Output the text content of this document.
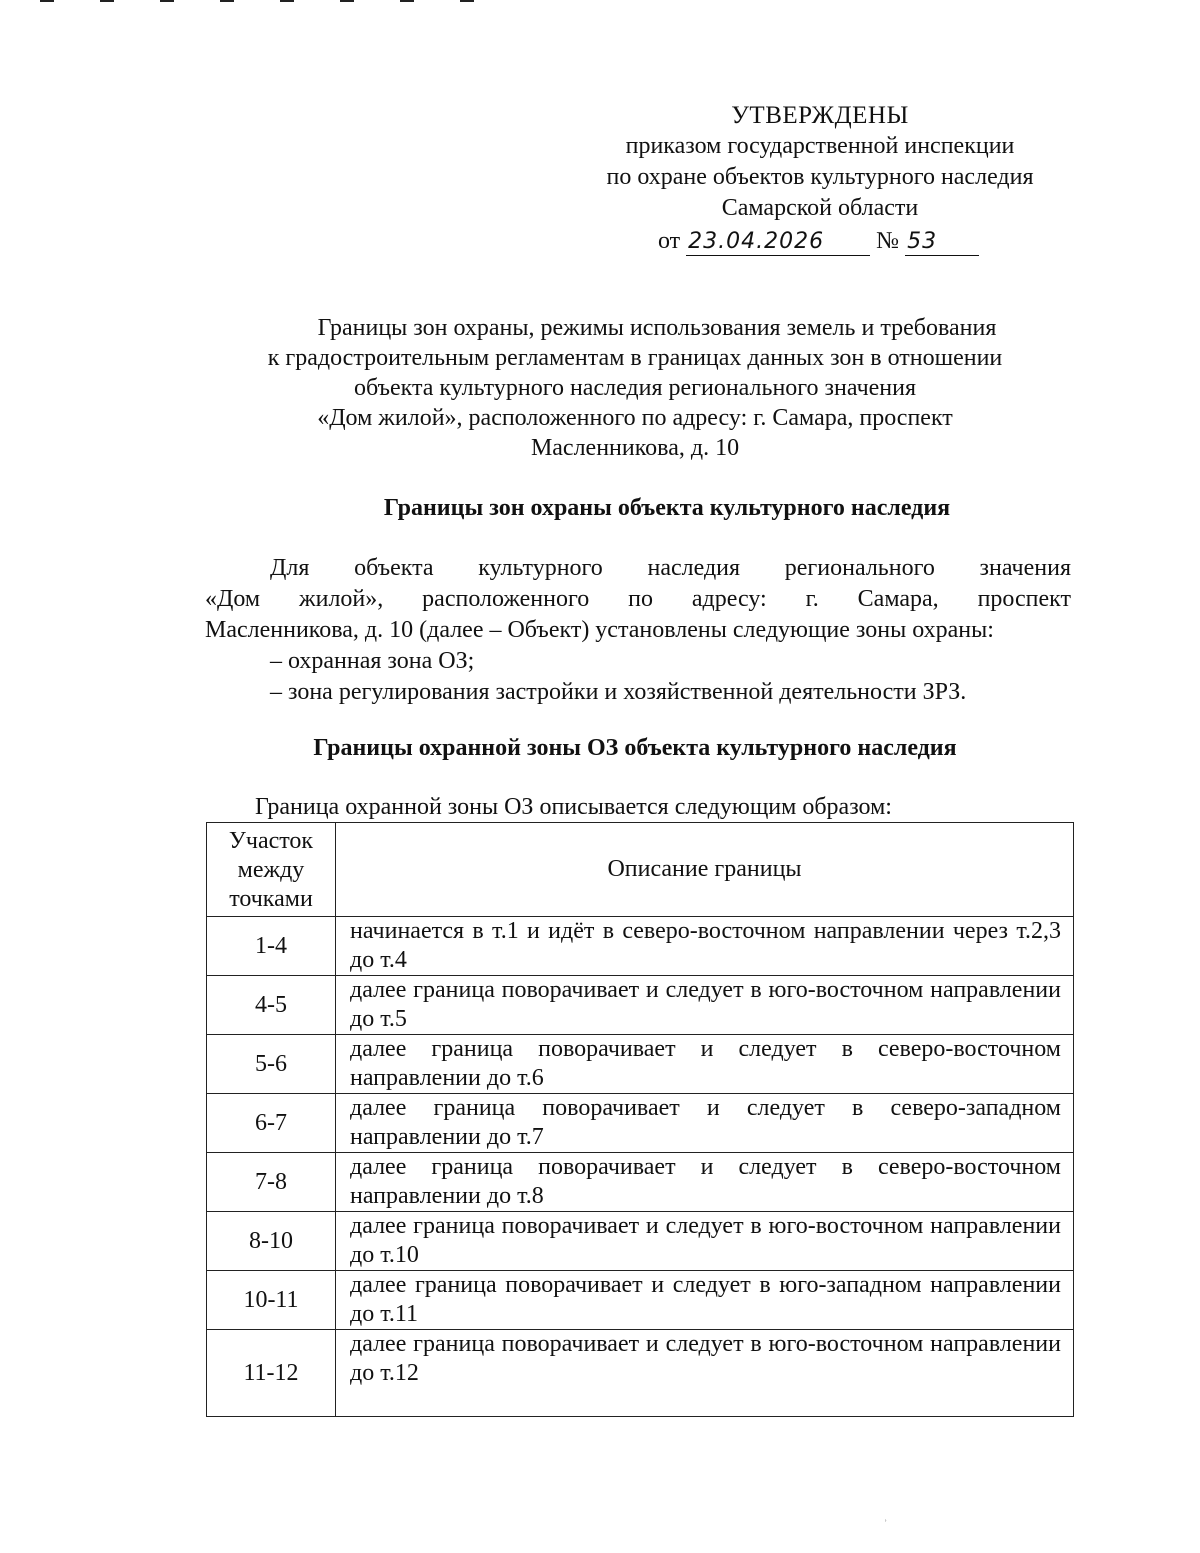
УТВЕРЖДЕНЫ
приказом государственной инспекции
по охране объектов культурного наследия
Самарской области
от 23.04.2026 № 53
Границы зон охраны, режимы использования земель и требования
к градостроительным регламентам в границах данных зон в отношении
объекта культурного наследия регионального значения
«Дом жилой», расположенного по адресу: г. Самара, проспект
Масленникова, д. 10
Границы зон охраны объекта культурного наследия
Для объекта культурного наследия регионального значения
«Дом жилой», расположенного по адресу: г. Самара, проспект
Масленникова, д. 10 (далее – Объект) установлены следующие зоны охраны:
– охранная зона ОЗ;
– зона регулирования застройки и хозяйственной деятельности ЗРЗ.
Границы охранной зоны ОЗ объекта культурного наследия
Граница охранной зоны ОЗ описывается следующим образом:
Участок
между
точками	Описание границы
1-4	начинается в т.1 и идёт в северо-восточном направлении через т.2,3 до т.4
4-5	далее граница поворачивает и следует в юго-восточном направлении до т.5
5-6	далее граница поворачивает и следует в северо-восточном направлении до т.6
6-7	далее граница поворачивает и следует в северо-западном направлении до т.7
7-8	далее граница поворачивает и следует в северо-восточном направлении до т.8
8-10	далее граница поворачивает и следует в юго-восточном направлении до т.10
10-11	далее граница поворачивает и следует в юго-западном направлении до т.11
11-12	далее граница поворачивает и следует в юго-восточном направлении до т.12
˒
